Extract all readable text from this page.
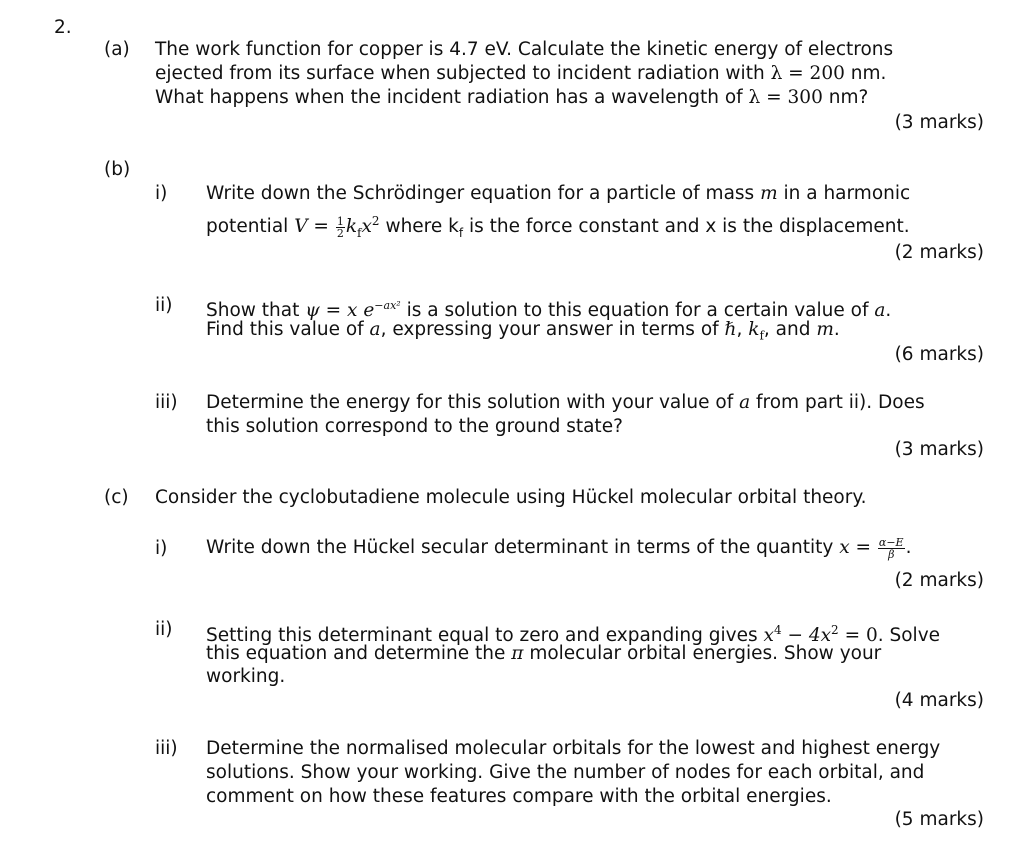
2.
(a) The work function for copper is 4.7 eV. Calculate the kinetic energy of electrons
ejected from its surface when subjected to incident radiation with λ = 200 nm.
What happens when the incident radiation has a wavelength of λ = 300 nm?
(3 marks)
(b)
i) Write down the Schrödinger equation for a particle of mass m in a harmonic
potential $V = \frac{1}{2} k_fx^2$ where $k_f$ is the force constant and x is the displacement.
(2 marks)
ii) Show that ψ = x $e^{-ax^2}$ is a solution to this equation for a certain value of a.
Find this value of a, expressing your answer in terms of ℏ, $k_f$, and m.
(6 marks)
iii) Determine the energy for this solution with your value of a from part ii). Does
this solution correspond to the ground state?
(3 marks)
(c) Consider the cyclobutadiene molecule using Hückel molecular orbital theory.
i) Write down the Hückel secular determinant in terms of the quantity $x = \frac{\alpha-E}{\beta}$ .
(2 marks)
ii) Setting this determinant equal to zero and expanding gives $x^4 - 4x^2 = 0$. Solve
this equation and determine the π molecular orbital energies. Show your
working.
(4 marks)
iii) Determine the normalised molecular orbitals for the lowest and highest energy
solutions. Show your working. Give the number of nodes for each orbital, and
comment on how these features compare with the orbital energies.
(5 marks)
